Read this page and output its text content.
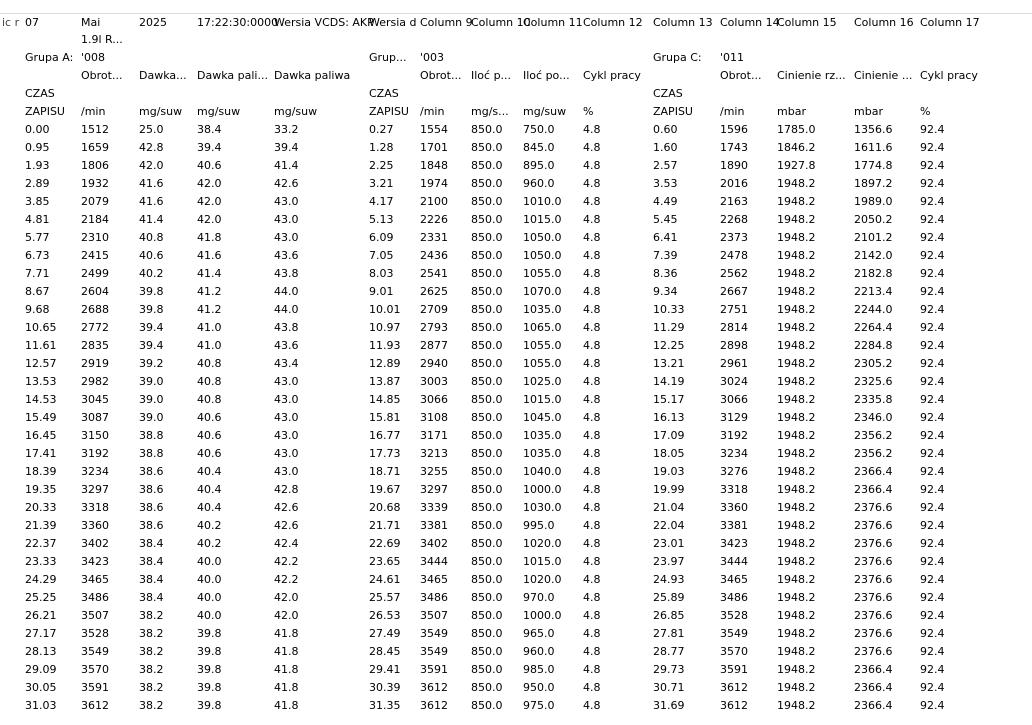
ic r	07	Mai	2025	17:22:30:0000	Wersia VCDS: AKP	Wersia d	Column 9	Column 10	Column 11	Column 12	Column 13	Column 14	Column 15	Column 16	Column 17
		1.9l R...													
	Grupa A:	'008				Grup...	'003				Grupa C:	'011			
		Obrot...	Dawka...	Dawka pali...	Dawka paliwa		Obrot...	Iloć p...	Iloć po...	Cykl pracy		Obrot...	Cinienie rz...	Cinienie ...	Cykl pracy
	CZAS					CZAS					CZAS				
	ZAPISU	/min	mg/suw	mg/suw	mg/suw	ZAPISU	/min	mg/s...	mg/suw	%	ZAPISU	/min	mbar	mbar	%
	0.00	1512	25.0	38.4	33.2	0.27	1554	850.0	750.0	4.8	0.60	1596	1785.0	1356.6	92.4
	0.95	1659	42.8	39.4	39.4	1.28	1701	850.0	845.0	4.8	1.60	1743	1846.2	1611.6	92.4
	1.93	1806	42.0	40.6	41.4	2.25	1848	850.0	895.0	4.8	2.57	1890	1927.8	1774.8	92.4
	2.89	1932	41.6	42.0	42.6	3.21	1974	850.0	960.0	4.8	3.53	2016	1948.2	1897.2	92.4
	3.85	2079	41.6	42.0	43.0	4.17	2100	850.0	1010.0	4.8	4.49	2163	1948.2	1989.0	92.4
	4.81	2184	41.4	42.0	43.0	5.13	2226	850.0	1015.0	4.8	5.45	2268	1948.2	2050.2	92.4
	5.77	2310	40.8	41.8	43.0	6.09	2331	850.0	1050.0	4.8	6.41	2373	1948.2	2101.2	92.4
	6.73	2415	40.6	41.6	43.6	7.05	2436	850.0	1050.0	4.8	7.39	2478	1948.2	2142.0	92.4
	7.71	2499	40.2	41.4	43.8	8.03	2541	850.0	1055.0	4.8	8.36	2562	1948.2	2182.8	92.4
	8.67	2604	39.8	41.2	44.0	9.01	2625	850.0	1070.0	4.8	9.34	2667	1948.2	2213.4	92.4
	9.68	2688	39.8	41.2	44.0	10.01	2709	850.0	1035.0	4.8	10.33	2751	1948.2	2244.0	92.4
	10.65	2772	39.4	41.0	43.8	10.97	2793	850.0	1065.0	4.8	11.29	2814	1948.2	2264.4	92.4
	11.61	2835	39.4	41.0	43.6	11.93	2877	850.0	1055.0	4.8	12.25	2898	1948.2	2284.8	92.4
	12.57	2919	39.2	40.8	43.4	12.89	2940	850.0	1055.0	4.8	13.21	2961	1948.2	2305.2	92.4
	13.53	2982	39.0	40.8	43.0	13.87	3003	850.0	1025.0	4.8	14.19	3024	1948.2	2325.6	92.4
	14.53	3045	39.0	40.8	43.0	14.85	3066	850.0	1015.0	4.8	15.17	3066	1948.2	2335.8	92.4
	15.49	3087	39.0	40.6	43.0	15.81	3108	850.0	1045.0	4.8	16.13	3129	1948.2	2346.0	92.4
	16.45	3150	38.8	40.6	43.0	16.77	3171	850.0	1035.0	4.8	17.09	3192	1948.2	2356.2	92.4
	17.41	3192	38.8	40.6	43.0	17.73	3213	850.0	1035.0	4.8	18.05	3234	1948.2	2356.2	92.4
	18.39	3234	38.6	40.4	43.0	18.71	3255	850.0	1040.0	4.8	19.03	3276	1948.2	2366.4	92.4
	19.35	3297	38.6	40.4	42.8	19.67	3297	850.0	1000.0	4.8	19.99	3318	1948.2	2366.4	92.4
	20.33	3318	38.6	40.4	42.6	20.68	3339	850.0	1030.0	4.8	21.04	3360	1948.2	2376.6	92.4
	21.39	3360	38.6	40.2	42.6	21.71	3381	850.0	995.0	4.8	22.04	3381	1948.2	2376.6	92.4
	22.37	3402	38.4	40.2	42.4	22.69	3402	850.0	1020.0	4.8	23.01	3423	1948.2	2376.6	92.4
	23.33	3423	38.4	40.0	42.2	23.65	3444	850.0	1015.0	4.8	23.97	3444	1948.2	2376.6	92.4
	24.29	3465	38.4	40.0	42.2	24.61	3465	850.0	1020.0	4.8	24.93	3465	1948.2	2376.6	92.4
	25.25	3486	38.4	40.0	42.0	25.57	3486	850.0	970.0	4.8	25.89	3486	1948.2	2376.6	92.4
	26.21	3507	38.2	40.0	42.0	26.53	3507	850.0	1000.0	4.8	26.85	3528	1948.2	2376.6	92.4
	27.17	3528	38.2	39.8	41.8	27.49	3549	850.0	965.0	4.8	27.81	3549	1948.2	2376.6	92.4
	28.13	3549	38.2	39.8	41.8	28.45	3549	850.0	960.0	4.8	28.77	3570	1948.2	2376.6	92.4
	29.09	3570	38.2	39.8	41.8	29.41	3591	850.0	985.0	4.8	29.73	3591	1948.2	2366.4	92.4
	30.05	3591	38.2	39.8	41.8	30.39	3612	850.0	950.0	4.8	30.71	3612	1948.2	2366.4	92.4
	31.03	3612	38.2	39.8	41.8	31.35	3612	850.0	975.0	4.8	31.69	3612	1948.2	2366.4	92.4
